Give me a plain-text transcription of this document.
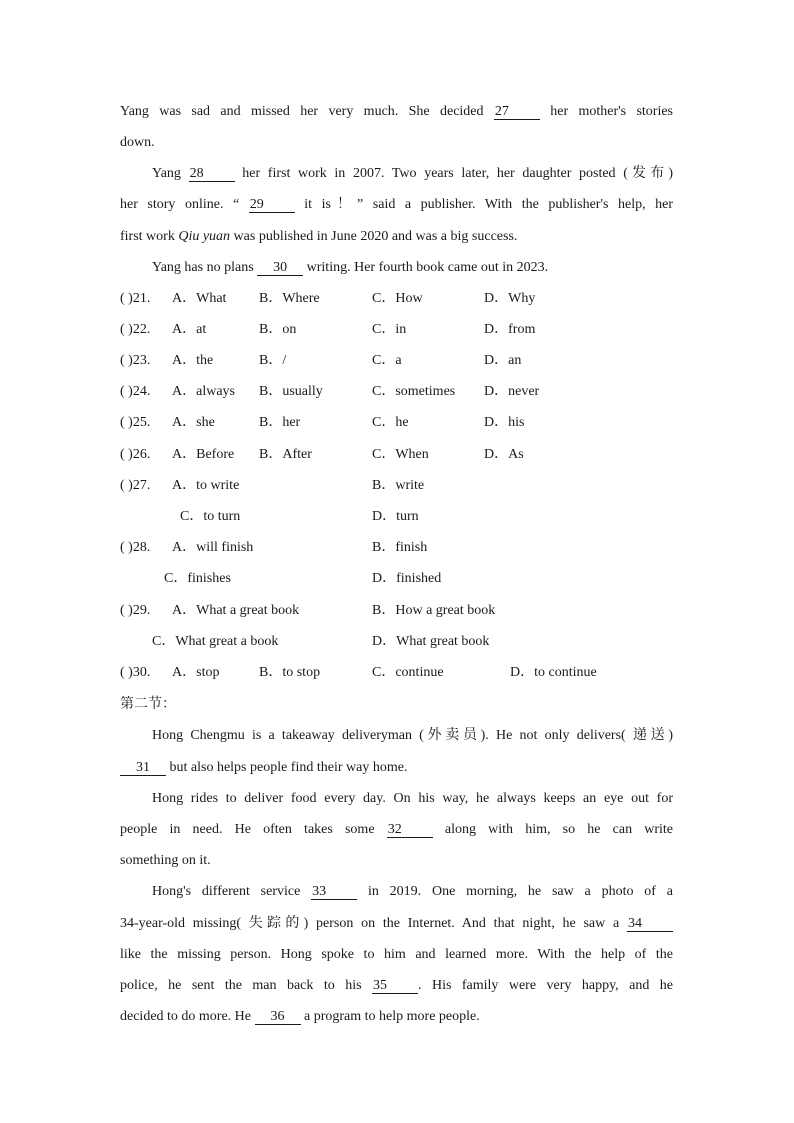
Yang was sad and missed her very much. She decided 27	her mother's stories
down.
Yang 28	her first work in 2007. Two years later, her daughter posted (发布)
her story online. “ 29	it is！” said a publisher. With the publisher's help, her
first work Qiu yuan was published in June 2020 and was a big success.
Yang has no plans 30 writing. Her fourth book came out in 2023.
( )21. A．What B．Where	C．How	D．Why
( )22. A．at	B．on	C．in	D．from
( )23. A．the	B．/	C．a	D．an
( )24. A．always B．usually	C．sometimes D．never
( )25. A．she	B．her	C．he	D．his
( )26. A．Before B．After	C．When	D．As
( )27. A．to write	B．write
C．to turn	D．turn
( )28. A．will finish	B．finish
C．finishes	D．finished
( )29. A．What a great book	B．How a great book
C．What great a book	D．What great book
( )30. A．stop	B．to stop	C．continue	D．to continue
第二节：
Hong Chengmu is a takeaway deliveryman (外卖员). He not only delivers( 递送)
31 but also helps people find their way home.
Hong rides to deliver food every day. On his way, he always keeps an eye out for
people in need. He often takes some 32	along with him, so he can write
something on it.
Hong's different service 33	in 2019. One morning, he saw a photo of a
34-year-old missing( 失踪的) person on the Internet. And that night, he saw a 34
like the missing person. Hong spoke to him and learned more. With the help of the
police, he sent the man back to his 35 . His family were very happy, and he
decided to do more. He 36 a program to help more people.
